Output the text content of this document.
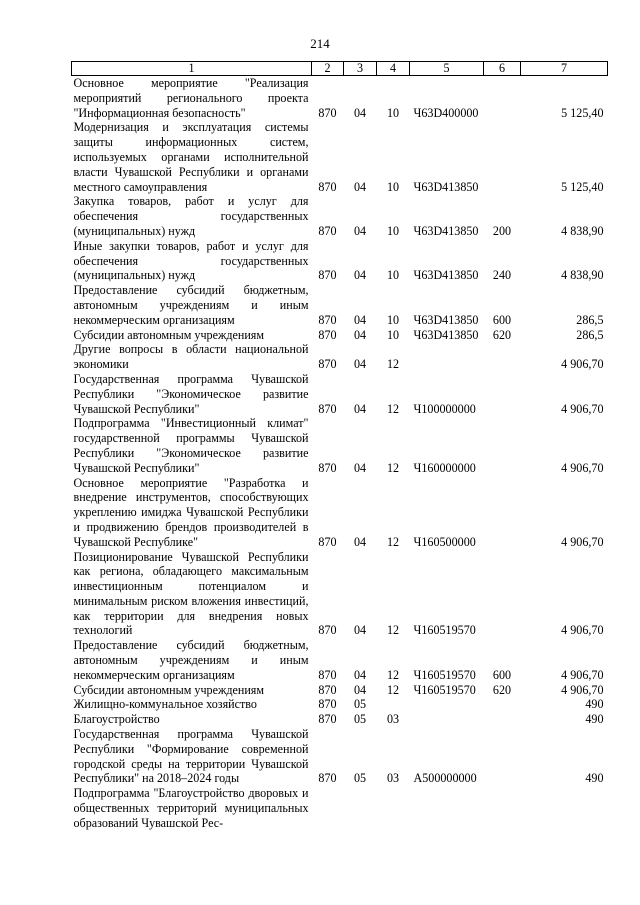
214
1	2	3	4	5	6	7
Основное мероприятие "Реализация мероприятий регионального проекта "Информационная безопасность"	870	04	10	Ч63D400000		5 125,40
Модернизация и эксплуатация системы защиты информационных систем, используемых органами исполнительной власти Чувашской Республики и органами местного самоуправления	870	04	10	Ч63D413850		5 125,40
Закупка товаров, работ и услуг для обеспечения государственных (муниципальных) нужд	870	04	10	Ч63D413850	200	4 838,90
Иные закупки товаров, работ и услуг для обеспечения государственных (муниципальных) нужд	870	04	10	Ч63D413850	240	4 838,90
Предоставление субсидий бюджетным, автономным учреждениям и иным некоммерческим организациям	870	04	10	Ч63D413850	600	286,5
Субсидии автономным учреждениям	870	04	10	Ч63D413850	620	286,5
Другие вопросы в области национальной экономики	870	04	12			4 906,70
Государственная программа Чувашской Республики "Экономическое развитие Чувашской Республики"	870	04	12	Ч100000000		4 906,70
Подпрограмма "Инвестиционный климат" государственной программы Чувашской Республики "Экономическое развитие Чувашской Республики"	870	04	12	Ч160000000		4 906,70
Основное мероприятие "Разработка и внедрение инструментов, способствующих укреплению имиджа Чувашской Республики и продвижению брендов производителей в Чувашской Республике"	870	04	12	Ч160500000		4 906,70
Позиционирование Чувашской Республики как региона, обладающего максимальным инвестиционным потенциалом и минимальным риском вложения инвестиций, как территории для внедрения новых технологий	870	04	12	Ч160519570		4 906,70
Предоставление субсидий бюджетным, автономным учреждениям и иным некоммерческим организациям	870	04	12	Ч160519570	600	4 906,70
Субсидии автономным учреждениям	870	04	12	Ч160519570	620	4 906,70
Жилищно-коммунальное хозяйство	870	05				490
Благоустройство	870	05	03			490
Государственная программа Чувашской Республики "Формирование современной городской среды на территории Чувашской Республики" на 2018–2024 годы	870	05	03	А500000000		490
Подпрограмма "Благоустройство дворовых и общественных территорий муниципальных образований Чувашской Рес-						
